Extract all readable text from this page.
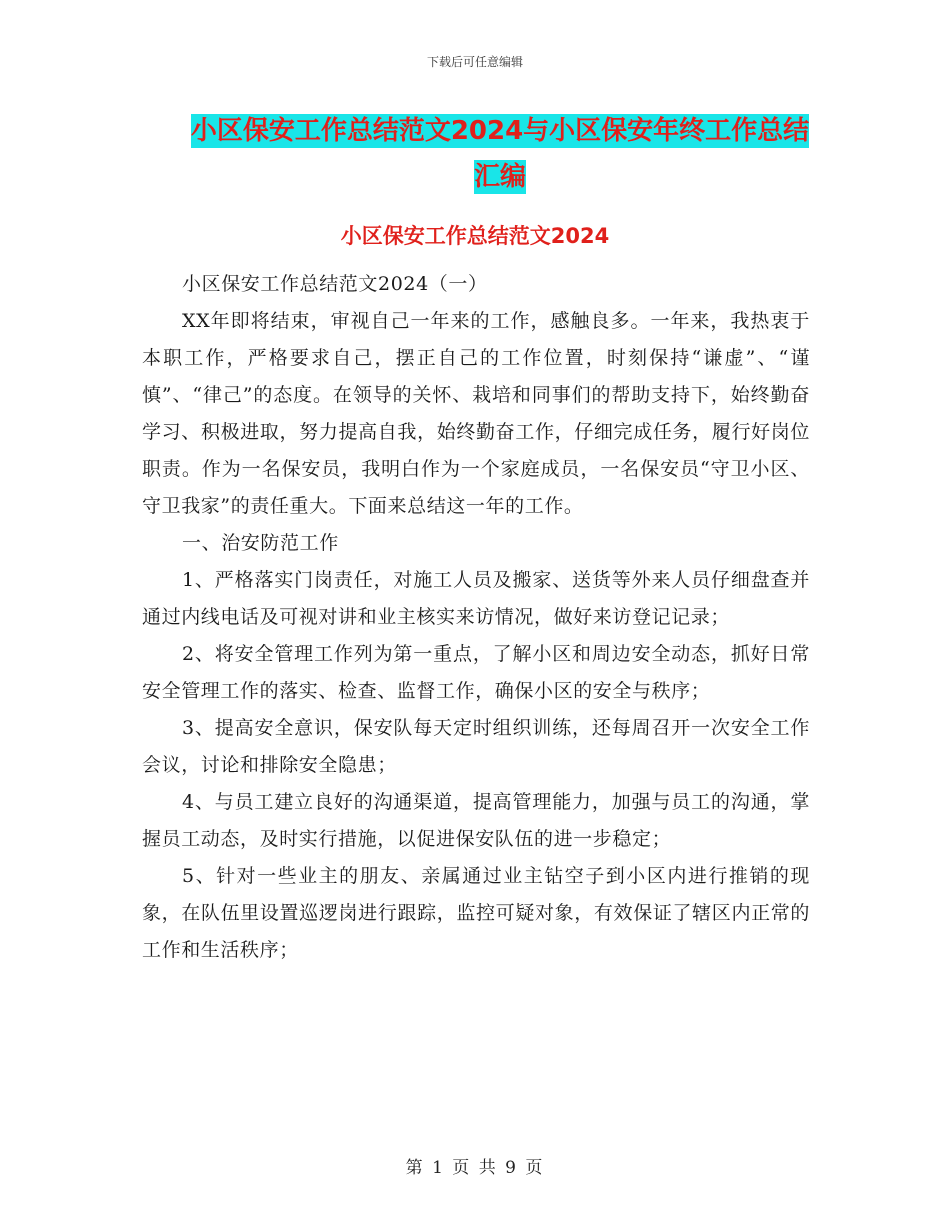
下载后可任意编辑
小区保安工作总结范文2024与小区保安年终工作总结
汇编
小区保安工作总结范文2024

小区保安工作总结范文2024（一）

XX年即将结束，审视自己一年来的工作，感触良多。一年来，我热衷于本职工作，严格要求自己，摆正自己的工作位置，时刻保持“谦虚”、“谨慎”、“律己”的态度。在领导的关怀、栽培和同事们的帮助支持下，始终勤奋学习、积极进取，努力提高自我，始终勤奋工作，仔细完成任务，履行好岗位职责。作为一名保安员，我明白作为一个家庭成员，一名保安员“守卫小区、守卫我家”的责任重大。下面来总结这一年的工作。

一、治安防范工作

1、严格落实门岗责任，对施工人员及搬家、送货等外来人员仔细盘查并通过内线电话及可视对讲和业主核实来访情况，做好来访登记记录；

2、将安全管理工作列为第一重点，了解小区和周边安全动态，抓好日常安全管理工作的落实、检查、监督工作，确保小区的安全与秩序；

3、提高安全意识，保安队每天定时组织训练，还每周召开一次安全工作会议，讨论和排除安全隐患；

4、与员工建立良好的沟通渠道，提高管理能力，加强与员工的沟通，掌握员工动态，及时实行措施，以促进保安队伍的进一步稳定；

5、针对一些业主的朋友、亲属通过业主钻空子到小区内进行推销的现象，在队伍里设置巡逻岗进行跟踪，监控可疑对象，有效保证了辖区内正常的工作和生活秩序；

第 1 页 共 9 页
